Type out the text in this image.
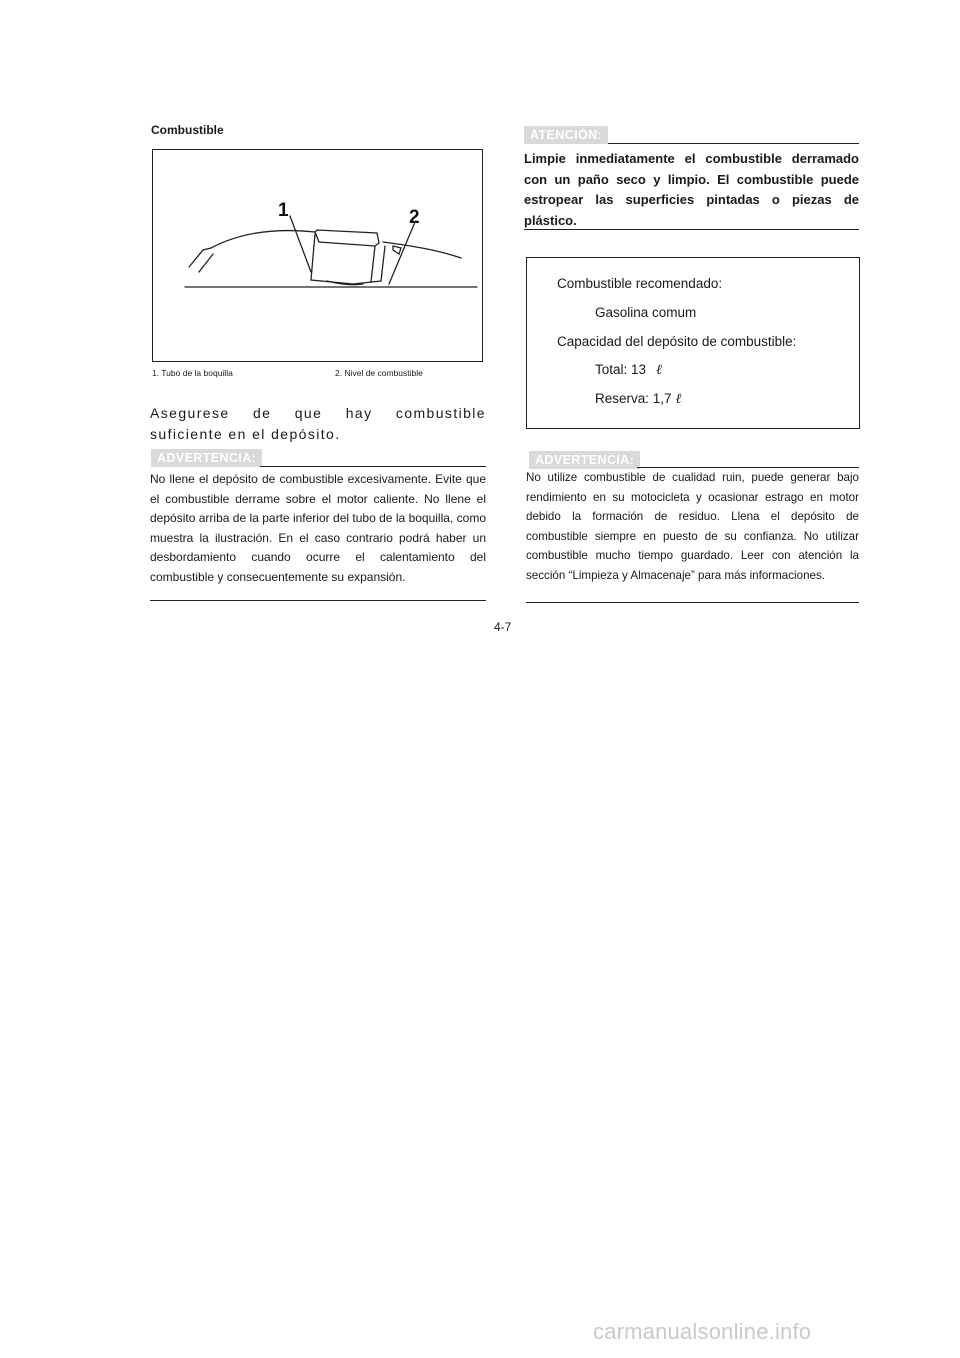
Combustible
1	2
1. Tubo de la boquilla	2. Nivel de combustible
Asegurese de que hay combustible suficiente en el depósito.
ADVERTENCIA:
No llene el depósito de combustible excesivamente. Evite que el combustible derrame sobre el motor caliente. No llene el depósito arriba de la parte inferior del tubo de la boquilla, como muestra la ilustración. En el caso contrario podrá haber un desbordamiento cuando ocurre el calentamiento del combustible y consecuentemente su expansión.
ATENCIÓN:
Limpie inmediatamente el combustible derramado con un paño seco y limpio. El combustible puede estropear las superficies pintadas o piezas de plástico.
Combustible recomendado:
Gasolina comum
Capacidad del depósito de combustible:
Total: 13 ℓ
Reserva: 1,7 ℓ
ADVERTENCIA:
No utilize combustible de cualidad ruin, puede generar bajo rendimiento en su motocicleta y ocasionar estrago en motor debido la formación de residuo. Llena el depósito de combustible siempre en puesto de su confianza. No utilizar combustible mucho tiempo guardado. Leer con atención la sección “Limpieza y Almacenaje” para más informaciones.
4-7
carmanualsonline.info
